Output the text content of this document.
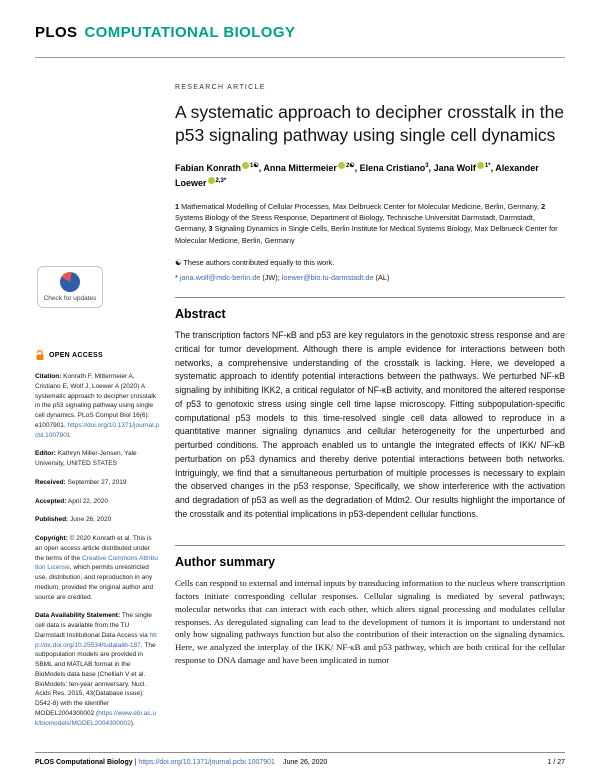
PLOS COMPUTATIONAL BIOLOGY
Check for updates
OPEN ACCESS

Citation: Konrath F, Mittermeier A, Cristiano E, Wolf J, Loewer A (2020) A systematic approach to decipher crosstalk in the p53 signaling pathway using single cell dynamics. PLoS Comput Biol 16(6): e1007901. https://doi.org/10.1371/journal.pcbi.1007901

Editor: Kathryn Miller-Jensen, Yale University, UNITED STATES

Received: September 27, 2019

Accepted: April 22, 2020

Published: June 26, 2020

Copyright: © 2020 Konrath et al. This is an open access article distributed under the terms of the Creative Commons Attribution License, which permits unrestricted use, distribution, and reproduction in any medium, provided the original author and source are credited.

Data Availability Statement: The single cell data is available from the TU Darmstadt Institutional Data Access via http://dx.doi.org/10.25534/tudatalib-187. The subpopulation models are provided in SBML and MATLAB format in the BioModels data base (Chelliah V et al. BioModels: ten-year anniversary. Nucl. Acids Res. 2015, 43(Database issue): D542-8) with the identifier MODEL2004300002 (https://www.ebi.ac.uk/biomodels/MODEL2004300002).

RESEARCH ARTICLE

A systematic approach to decipher crosstalk in the p53 signaling pathway using single cell dynamics

Fabian Konrath $^{1☯}$, Anna Mittermeier $^{2☯}$, Elena Cristiano$^3$, Jana Wolf $^{1*}$, Alexander Loewer $^{2,3*}$

1 Mathematical Modelling of Cellular Processes, Max Delbrueck Center for Molecular Medicine, Berlin, Germany, 2 Systems Biology of the Stress Response, Department of Biology, Technische Universität Darmstadt, Darmstadt, Germany, 3 Signaling Dynamics in Single Cells, Berlin Institute for Medical Systems Biology, Max Delbrueck Center for Molecular Medicine, Berlin, Germany

☯ These authors contributed equally to this work.

* jana.wolf@mdc-berlin.de (JW); loewer@bio.tu-darmstadt.de (AL)

Abstract

The transcription factors NF-κB and p53 are key regulators in the genotoxic stress response and are critical for tumor development. Although there is ample evidence for interactions between both networks, a comprehensive understanding of the crosstalk is lacking. Here, we developed a systematic approach to identify potential interactions between the pathways. We perturbed NF-κB signaling by inhibiting IKK2, a critical regulator of NF-κB activity, and monitored the altered response of p53 to genotoxic stress using single cell time lapse microscopy. Fitting subpopulation-specific computational p53 models to this time-resolved single cell data allowed to reproduce in a quantitative manner signaling dynamics and cellular heterogeneity for the unperturbed and perturbed conditions. The approach enabled us to untangle the integrated effects of IKK/ NF-κB perturbation on p53 dynamics and thereby derive potential interactions between both networks. Intriguingly, we find that a simultaneous perturbation of multiple processes is necessary to explain the observed changes in the p53 response. Specifically, we show interference with the activation and degradation of p53 as well as the degradation of Mdm2. Our results highlight the importance of the crosstalk and its potential implications in p53-dependent cellular functions.

Author summary

Cells can respond to external and internal inputs by transducing information to the nucleus where transcription factors initiate corresponding cellular responses. Cellular signaling is mediated by several pathways; molecular networks that can interact with each other, which alters signal processing and modulates cellular responses. As deregulated signaling can lead to the development of tumors it is important to understand not only how signaling pathways function but also the contribution of their interaction on the signaling dynamics. Here, we analyzed the interplay of the IKK/ NF-κB and p53 pathway, which are both critical for the cellular response to DNA damage and have been implicated in tumor

PLOS Computational Biology | https://doi.org/10.1371/journal.pcbi.1007901 June 26, 2020	1 / 27
